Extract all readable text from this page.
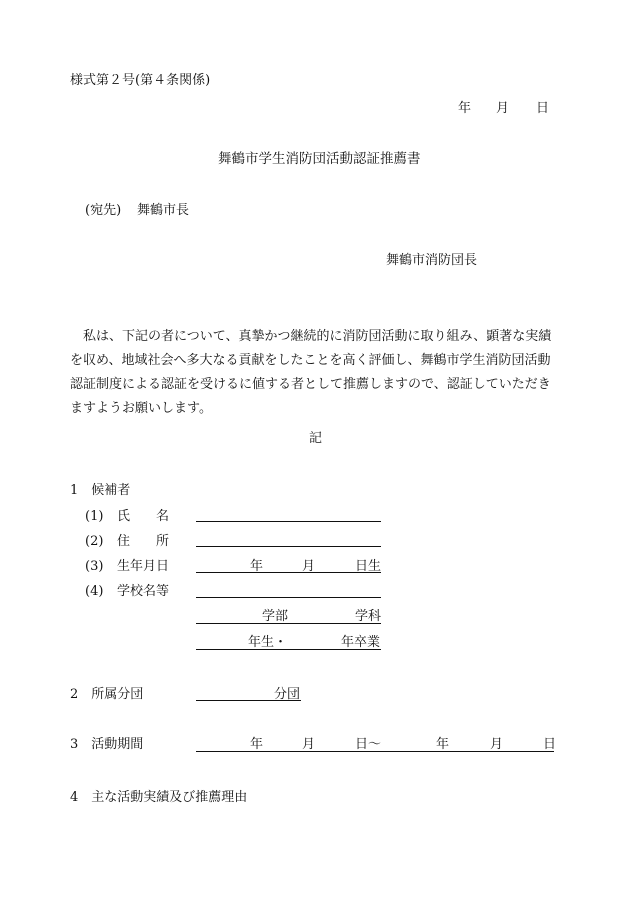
様式第２号(第４条関係)
年 月 日
舞鶴市学生消防団活動認証推薦書
(宛先) 舞鶴市長
舞鶴市消防団長
　私は、下記の者について、真摯かつ継続的に消防団活動に取り組み、顕著な実績
を収め、地域社会へ多大なる貢献をしたことを高く評価し、舞鶴市学生消防団活動
認証制度による認証を受けるに値する者として推薦しますので、認証していただき
ますようお願いします。
記
1　候補者
(1) 氏　　名
(2) 住　　所
(3) 生年月日	年	月	日生
(4) 学校名等
学部	学科
年生・	年卒業
2　所属分団	分団
3　活動期間	年	月	日〜	年	月	日
4　主な活動実績及び推薦理由
